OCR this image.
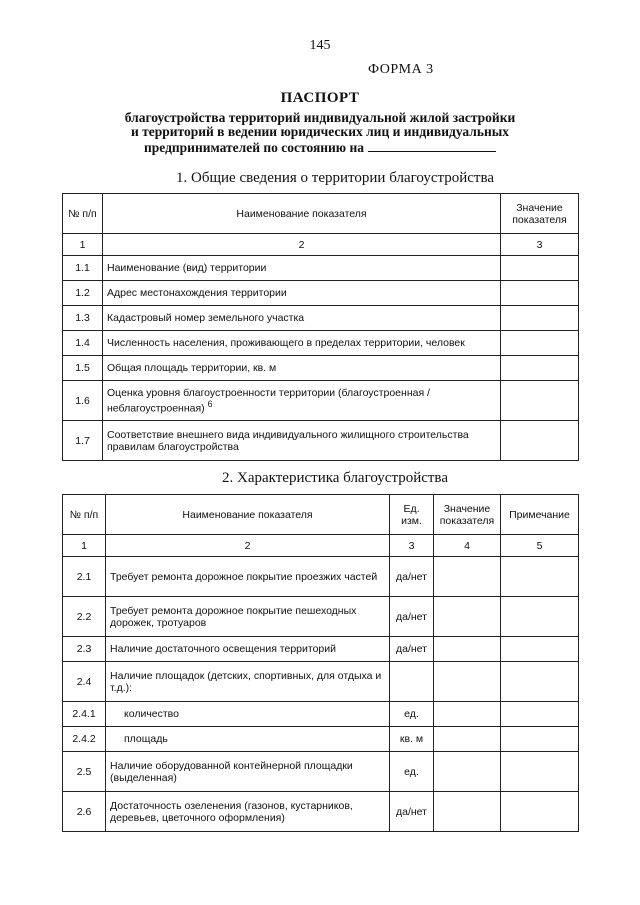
145
ФОРМА 3
ПАСПОРТ
благоустройства территорий индивидуальной жилой застройки
и территорий в ведении юридических лиц и индивидуальных
предпринимателей по состоянию на
1. Общие сведения о территории благоустройства
№ п/п	Наименование показателя	Значение показателя
1	2	3
1.1	Наименование (вид) территории	
1.2	Адрес местонахождения территории	
1.3	Кадастровый номер земельного участка	
1.4	Численность населения, проживающего в пределах территории, человек	
1.5	Общая площадь территории, кв. м	
1.6	Оценка уровня благоустроенности территории (благоустроенная / неблагоустроенная) $^6$	
1.7	Соответствие внешнего вида индивидуального жилищного строительства правилам благоустройства	
2. Характеристика благоустройства
№ п/п	Наименование показателя	Ед. изм.	Значение показателя	Примечание
1	2	3	4	5
2.1	Требует ремонта дорожное покрытие проезжих частей	да/нет		
2.2	Требует ремонта дорожное покрытие пешеходных дорожек, тротуаров	да/нет		
2.3	Наличие достаточного освещения территорий	да/нет		
2.4	Наличие площадок (детских, спортивных, для отдыха и т.д.):			
2.4.1	количество	ед.		
2.4.2	площадь	кв. м		
2.5	Наличие оборудованной контейнерной площадки (выделенная)	ед.		
2.6	Достаточность озеленения (газонов, кустарников, деревьев, цветочного оформления)	да/нет		
